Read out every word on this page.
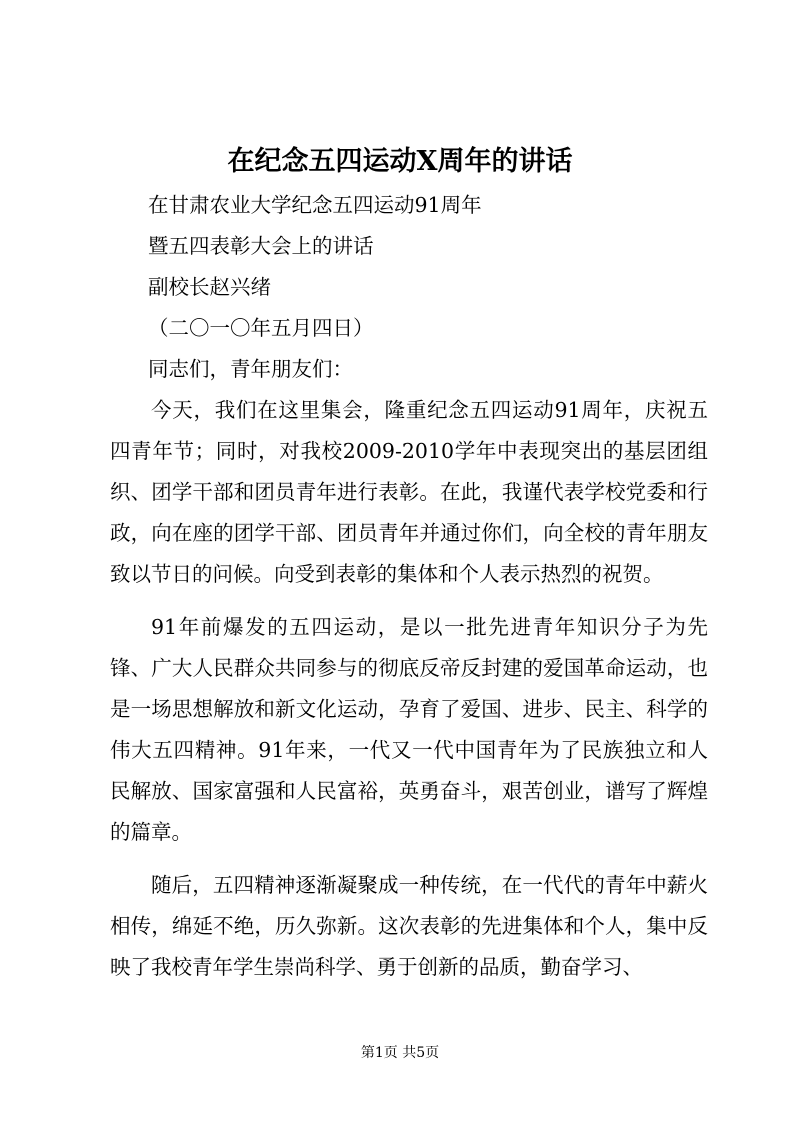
在纪念五四运动X周年的讲话
在甘肃农业大学纪念五四运动91周年
暨五四表彰大会上的讲话
副校长赵兴绪
（二〇一〇年五月四日）
同志们，青年朋友们：

今天，我们在这里集会，隆重纪念五四运动91周年，庆祝五四青年节；同时，对我校2009-2010学年中表现突出的基层团组织、团学干部和团员青年进行表彰。在此，我谨代表学校党委和行政，向在座的团学干部、团员青年并通过你们，向全校的青年朋友致以节日的问候。向受到表彰的集体和个人表示热烈的祝贺。

91年前爆发的五四运动，是以一批先进青年知识分子为先锋、广大人民群众共同参与的彻底反帝反封建的爱国革命运动，也是一场思想解放和新文化运动，孕育了爱国、进步、民主、科学的伟大五四精神。91年来，一代又一代中国青年为了民族独立和人民解放、国家富强和人民富裕，英勇奋斗，艰苦创业，谱写了辉煌的篇章。

随后，五四精神逐渐凝聚成一种传统，在一代代的青年中薪火相传，绵延不绝，历久弥新。这次表彰的先进集体和个人，集中反映了我校青年学生崇尚科学、勇于创新的品质，勤奋学习、

第1页 共5页
